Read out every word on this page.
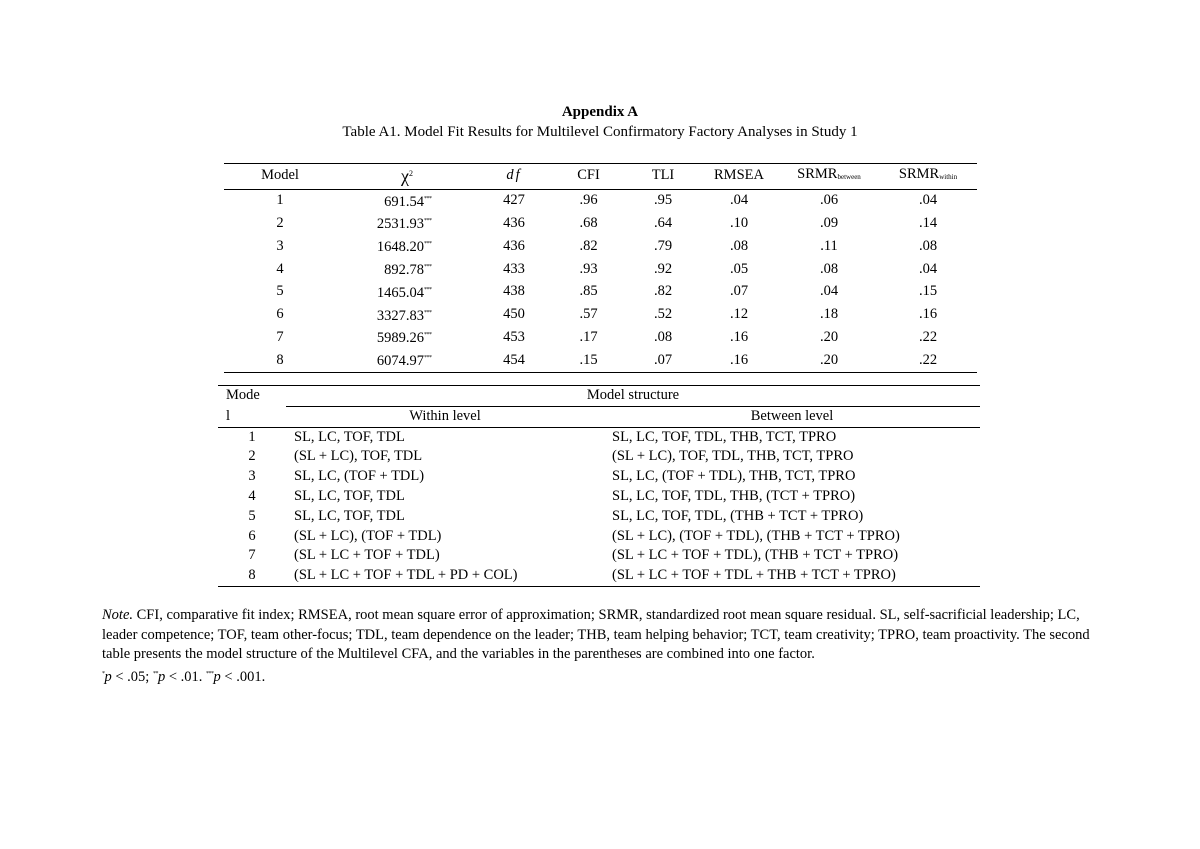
Appendix A
Table A1. Model Fit Results for Multilevel Confirmatory Factory Analyses in Study 1
Model	$\chi^2$	df	CFI	TLI	RMSEA	$SRMR_{between}$	$SRMR_{within}$
1	691.54***	427	.96	.95	.04	.06	.04
2	2531.93***	436	.68	.64	.10	.09	.14
3	1648.20***	436	.82	.79	.08	.11	.08
4	892.78***	433	.93	.92	.05	.08	.04
5	1465.04***	438	.85	.82	.07	.04	.15
6	3327.83***	450	.57	.52	.12	.18	.16
7	5989.26***	453	.17	.08	.16	.20	.22
8	6074.97***	454	.15	.07	.16	.20	.22
Mode	Model structure	
l	Within level	Between level
1	SL, LC, TOF, TDL	SL, LC, TOF, TDL, THB, TCT, TPRO
2	(SL + LC), TOF, TDL	(SL + LC), TOF, TDL, THB, TCT, TPRO
3	SL, LC, (TOF + TDL)	SL, LC, (TOF + TDL), THB, TCT, TPRO
4	SL, LC, TOF, TDL	SL, LC, TOF, TDL, THB, (TCT + TPRO)
5	SL, LC, TOF, TDL	SL, LC, TOF, TDL, (THB + TCT + TPRO)
6	(SL + LC), (TOF + TDL)	(SL + LC), (TOF + TDL), (THB + TCT + TPRO)
7	(SL + LC + TOF + TDL)	(SL + LC + TOF + TDL), (THB + TCT + TPRO)
8	(SL + LC + TOF + TDL + PD + COL)	(SL + LC + TOF + TDL + THB + TCT + TPRO)
Note. CFI, comparative fit index; RMSEA, root mean square error of approximation; SRMR, standardized root mean square residual. SL, self-sacrificial leadership; LC, leader competence; TOF, team other-focus; TDL, team dependence on the leader; THB, team helping behavior; TCT, team creativity; TPRO, team proactivity. The second table presents the model structure of the Multilevel CFA, and the variables in the parentheses are combined into one factor.
*p < .05; **p < .01. ***p < .001.
